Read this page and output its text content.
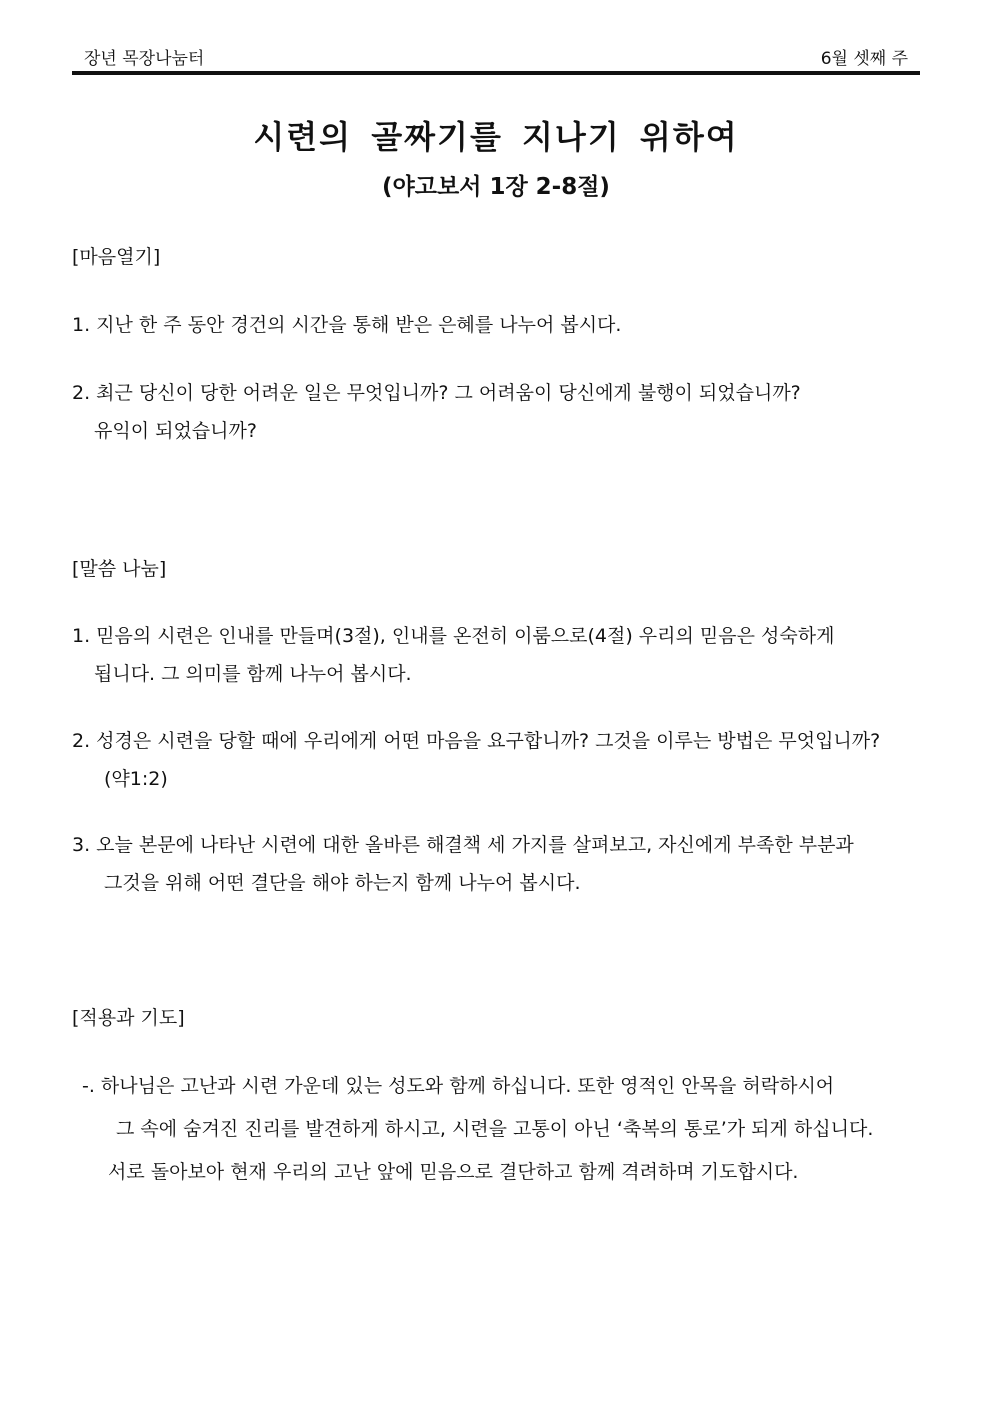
장년 목장나눔터	6월 셋째 주
시련의 골짜기를 지나기 위하여
(야고보서 1장 2-8절)
[마음열기]
1. 지난 한 주 동안 경건의 시간을 통해 받은 은혜를 나누어 봅시다.
2. 최근 당신이 당한 어려운 일은 무엇입니까? 그 어려움이 당신에게 불행이 되었습니까?
유익이 되었습니까?
[말씀 나눔]
1. 믿음의 시련은 인내를 만들며(3절), 인내를 온전히 이룸으로(4절) 우리의 믿음은 성숙하게
됩니다. 그 의미를 함께 나누어 봅시다.
2. 성경은 시련을 당할 때에 우리에게 어떤 마음을 요구합니까? 그것을 이루는 방법은 무엇입니까?
(약1:2)
3. 오늘 본문에 나타난 시련에 대한 올바른 해결책 세 가지를 살펴보고, 자신에게 부족한 부분과
그것을 위해 어떤 결단을 해야 하는지 함께 나누어 봅시다.
[적용과 기도]
-. 하나님은 고난과 시련 가운데 있는 성도와 함께 하십니다. 또한 영적인 안목을 허락하시어
그 속에 숨겨진 진리를 발견하게 하시고, 시련을 고통이 아닌 ‘축복의 통로’가 되게 하십니다.
서로 돌아보아 현재 우리의 고난 앞에 믿음으로 결단하고 함께 격려하며 기도합시다.
